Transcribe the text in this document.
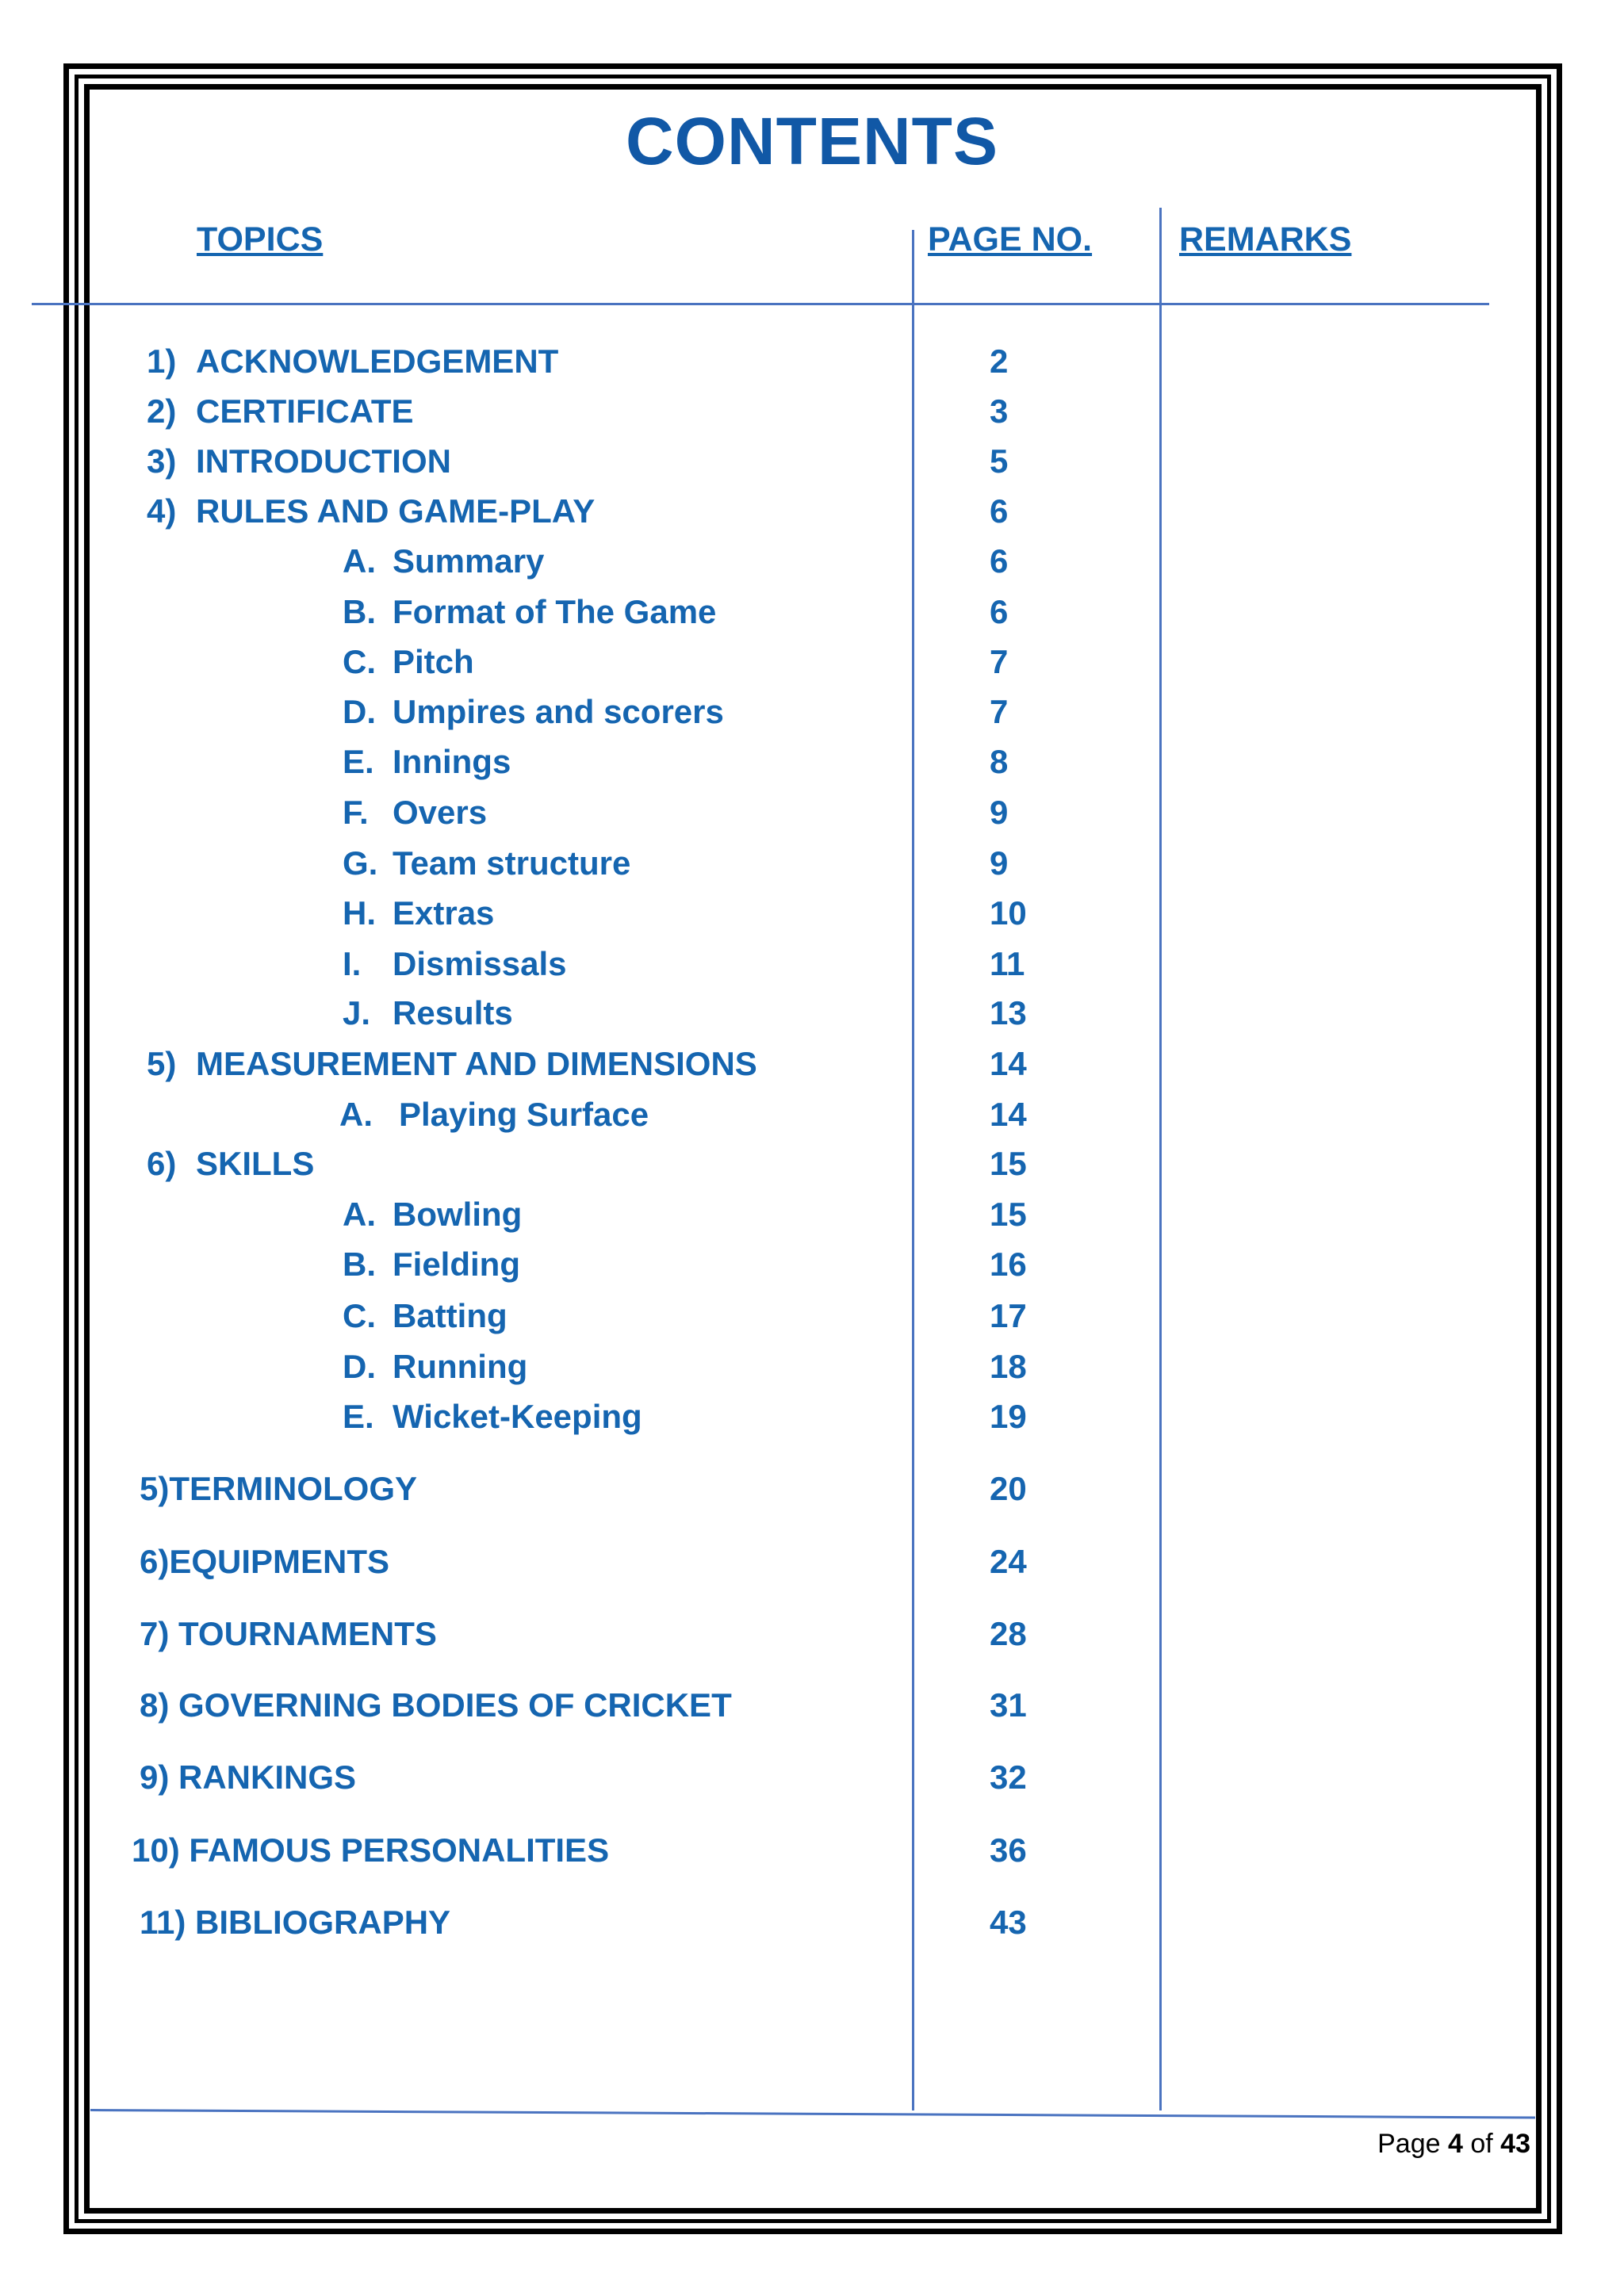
CONTENTS
TOPICS	PAGE NO.	REMARKS
1) ACKNOWLEDGEMENT	2
2) CERTIFICATE	3
3) INTRODUCTION	5
4) RULES AND GAME-PLAY	6
A. Summary	6
B. Format of The Game	6
C. Pitch	7
D. Umpires and scorers	7
E. Innings	8
F. Overs	9
G. Team structure	9
H. Extras	10
I. Dismissals	11
J. Results	13
5) MEASUREMENT AND DIMENSIONS	14
A. Playing Surface	14
6) SKILLS	15
A. Bowling	15
B. Fielding	16
C. Batting	17
D. Running	18
E. Wicket-Keeping	19
5)TERMINOLOGY	20
6)EQUIPMENTS	24
7) TOURNAMENTS	28
8) GOVERNING BODIES OF CRICKET	31
9) RANKINGS	32
10) FAMOUS PERSONALITIES	36
11) BIBLIOGRAPHY	43
Page 4 of 43
